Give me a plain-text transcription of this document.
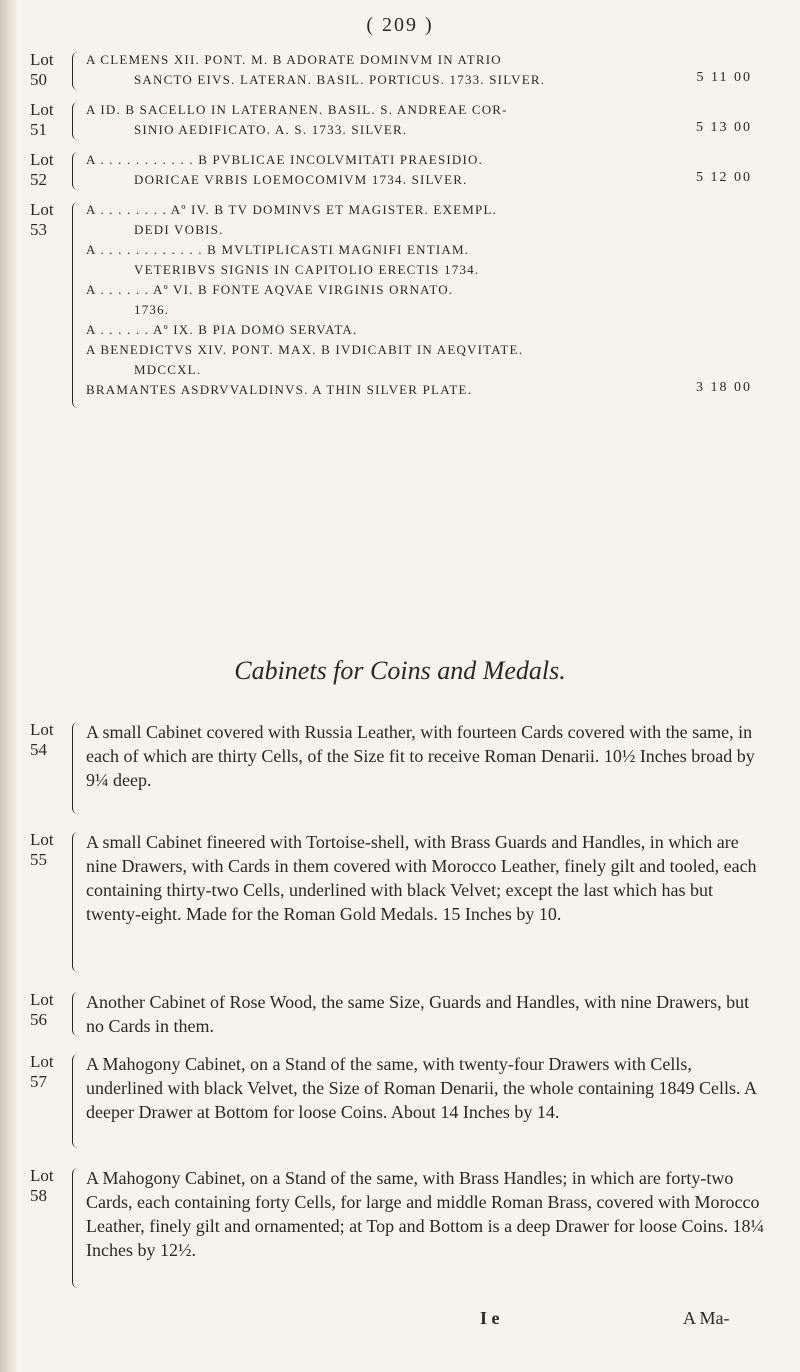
( 209 )
Lot
50
A CLEMENS XII. PONT. M. B ADORATE DOMINVM IN ATRIO
SANCTO EIVS. LATERAN. BASIL. PORTICUS. 1733. SILVER.	5 11 00
Lot
51
A ID. B SACELLO IN LATERANEN. BASIL. S. ANDREAE COR-
SINIO AEDIFICATO. A. S. 1733. SILVER.	5 13 00
Lot
52
A . . . . . . . . . . . B PVBLICAE INCOLVMITATI PRAESIDIO.
DORICAE VRBIS LOEMOCOMIVM 1734. SILVER.	5 12 00
Lot
53
A . . . . . . . . Aº IV. B TV DOMINVS ET MAGISTER. EXEMPL.
DEDI VOBIS.
A . . . . . . . . . . . . B MVLTIPLICASTI MAGNIFI ENTIAM.
VETERIBVS SIGNIS IN CAPITOLIO ERECTIS 1734.
A . . . . . . Aº VI. B FONTE AQVAE VIRGINIS ORNATO.
1736.
A . . . . . . Aº IX. B PIA DOMO SERVATA.
A BENEDICTVS XIV. PONT. MAX. B IVDICABIT IN AEQVITATE.
MDCCXL.
BRAMANTES ASDRVVALDINVS. A THIN SILVER PLATE.	3 18 00
Cabinets for Coins and Medals.
Lot
54
A small Cabinet covered with Russia Leather, with fourteen Cards covered with the same, in each of which are thirty Cells, of the Size fit to receive Roman Denarii. 10½ Inches broad by 9¼ deep.
Lot
55
A small Cabinet fineered with Tortoise-shell, with Brass Guards and Handles, in which are nine Drawers, with Cards in them covered with Morocco Leather, finely gilt and tooled, each containing thirty-two Cells, underlined with black Velvet; except the last which has but twenty-eight. Made for the Roman Gold Medals. 15 Inches by 10.
Lot
56
Another Cabinet of Rose Wood, the same Size, Guards and Handles, with nine Drawers, but no Cards in them.
Lot
57
A Mahogony Cabinet, on a Stand of the same, with twenty-four Drawers with Cells, underlined with black Velvet, the Size of Roman Denarii, the whole containing 1849 Cells. A deeper Drawer at Bottom for loose Coins. About 14 Inches by 14.
Lot
58
A Mahogony Cabinet, on a Stand of the same, with Brass Handles; in which are forty-two Cards, each containing forty Cells, for large and middle Roman Brass, covered with Morocco Leather, finely gilt and ornamented; at Top and Bottom is a deep Drawer for loose Coins. 18¼ Inches by 12½.
I e	A Ma-
